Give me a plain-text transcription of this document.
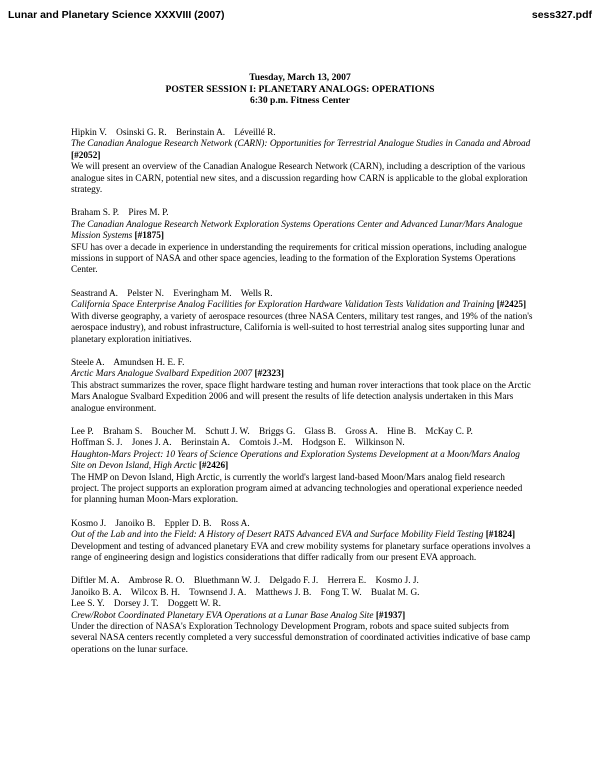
Lunar and Planetary Science XXXVIII (2007)	sess327.pdf
Tuesday, March 13, 2007
POSTER SESSION I: PLANETARY ANALOGS: OPERATIONS
6:30 p.m. Fitness Center
Hipkin V.    Osinski G. R.    Berinstain A.    Léveillé R.
The Canadian Analogue Research Network (CARN): Opportunities for Terrestrial Analogue Studies in Canada and Abroad [#2052]
We will present an overview of the Canadian Analogue Research Network (CARN), including a description of the various analogue sites in CARN, potential new sites, and a discussion regarding how CARN is applicable to the global exploration strategy.
Braham S. P.    Pires M. P.
The Canadian Analogue Research Network Exploration Systems Operations Center and Advanced Lunar/Mars Analogue Mission Systems [#1875]
SFU has over a decade in experience in understanding the requirements for critical mission operations, including analogue missions in support of NASA and other space agencies, leading to the formation of the Exploration Systems Operations Center.
Seastrand A.    Pelster N.    Everingham M.    Wells R.
California Space Enterprise Analog Facilities for Exploration Hardware Validation Tests Validation and Training [#2425]
With diverse geography, a variety of aerospace resources (three NASA Centers, military test ranges, and 19% of the nation's aerospace industry), and robust infrastructure, California is well-suited to host terrestrial analog sites supporting lunar and planetary exploration initiatives.
Steele A.    Amundsen H. E. F.
Arctic Mars Analogue Svalbard Expedition 2007 [#2323]
This abstract summarizes the rover, space flight hardware testing and human rover interactions that took place on the Arctic Mars Analogue Svalbard Expedition 2006 and will present the results of life detection analysis undertaken in this Mars analogue environment.
Lee P.    Braham S.    Boucher M.    Schutt J. W.    Briggs G.    Glass B.    Gross A.    Hine B.    McKay C. P.
Hoffman S. J.    Jones J. A.    Berinstain A.    Comtois J.-M.    Hodgson E.    Wilkinson N.
Haughton-Mars Project: 10 Years of Science Operations and Exploration Systems Development at a Moon/Mars Analog Site on Devon Island, High Arctic [#2426]
The HMP on Devon Island, High Arctic, is currently the world's largest land-based Moon/Mars analog field research project. The project supports an exploration program aimed at advancing technologies and operational experience needed for planning human Moon-Mars exploration.
Kosmo J.    Janoiko B.    Eppler D. B.    Ross A.
Out of the Lab and into the Field: A History of Desert RATS Advanced EVA and Surface Mobility Field Testing [#1824]
Development and testing of advanced planetary EVA and crew mobility systems for planetary surface operations involves a range of engineering design and logistics considerations that differ radically from our present EVA approach.
Diftler M. A.    Ambrose R. O.    Bluethmann W. J.    Delgado F. J.    Herrera E.    Kosmo J. J.
Janoiko B. A.    Wilcox B. H.    Townsend J. A.    Matthews J. B.    Fong T. W.    Bualat M. G.
Lee S. Y.    Dorsey J. T.    Doggett W. R.
Crew/Robot Coordinated Planetary EVA Operations at a Lunar Base Analog Site [#1937]
Under the direction of NASA's Exploration Technology Development Program, robots and space suited subjects from several NASA centers recently completed a very successful demonstration of coordinated activities indicative of base camp operations on the lunar surface.
